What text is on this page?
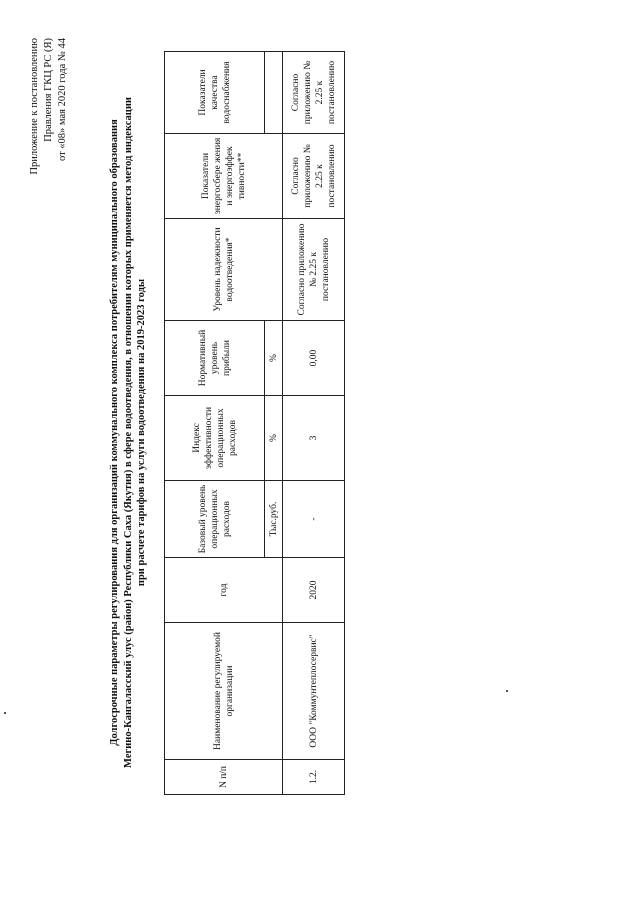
Приложение к постановлению Правления ГКЦ РС (Я) от «08» мая 2020 года № 44
Долгосрочные параметры регулирования для организаций коммунального комплекса потребителям муниципального образования Мегино-Кангаласский улус (район) Республики Саха (Якутия) в сфере водоотведения, в отношении которых применяется метод индексации при расчете тарифов на услуги водоотведения на 2019-2023 годы
N п/п	Наименование регулируемой организации	год	Базовый уровень операционных расходов	Индекс эффективности операционных расходов	Нормативный уровень прибыли	Уровень надежности водоотведения*	Показатели энергосбере жения и энергоэффек тивности**	Показатели качества водоснабжения
			Тыс.руб.	%	%			
1.2.	ООО "Коммунтеплосервис"	2020	-	3	0,00	Согласно приложению № 2.25 к постановлению	Согласно приложению № 2.25 к постановлению	Согласно приложению № 2.25 к постановлению
